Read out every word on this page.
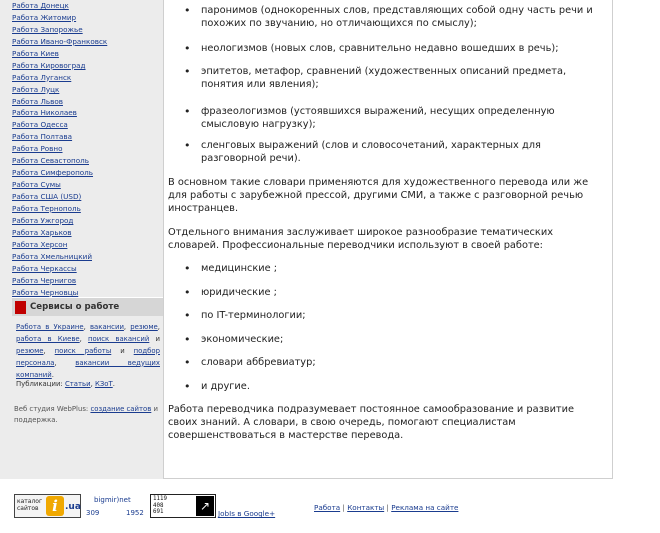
Работа Донецк
Работа Житомир
Работа Запорожье
Работа Ивано-Франковск
Работа Киев
Работа Кировоград
Работа Луганск
Работа Луцк
Работа Львов
Работа Николаев
Работа Одесса
Работа Полтава
Работа Ровно
Работа Севастополь
Работа Симферополь
Работа Сумы
Работа США (USD)
Работа Тернополь
Работа Ужгород
Работа Харьков
Работа Херсон
Работа Хмельницкий
Работа Черкассы
Работа Чернигов
Работа Черновцы
Сервисы о работе
Работа в Украине, вакансии, резюме, работа в Киеве, поиск вакансий и резюме, поиск работы и подбор персонала, вакансии ведущих компаний.
Публикации: Статьи, КЗоТ.
Веб студия WebPlus: создание сайтов и поддержка.
• паронимов (однокоренных слов, представляющих собой одну часть речи и похожих по звучанию, но отличающихся по смыслу);
• неологизмов (новых слов, сравнительно недавно вошедших в речь);
• эпитетов, метафор, сравнений (художественных описаний предмета, понятия или явления);
• фразеологизмов (устоявшихся выражений, несущих определенную смысловую нагрузку);
• сленговых выражений (слов и словосочетаний, характерных для разговорной речи).

В основном такие словари применяются для художественного перевода или же для работы с зарубежной прессой, другими СМИ, а также с разговорной речью иностранцев.

Отдельного внимания заслуживает широкое разнообразие тематических словарей. Профессиональные переводчики используют в своей работе:

• медицинские ;
• юридические ;
• по IT-терминологии;
• экономические;
• словари аббревиатур;
• и другие.

Работа переводчика подразумевает постоянное самообразование и развитие своих знаний. А словари, в свою очередь, помогают специалистам совершенствоваться в мастерстве перевода.

каталог сайтов i .ua
bigmir)net
309	1952
1119
408
691	↗
JobIs в Google+
Работа | Контакты | Реклама на сайте
